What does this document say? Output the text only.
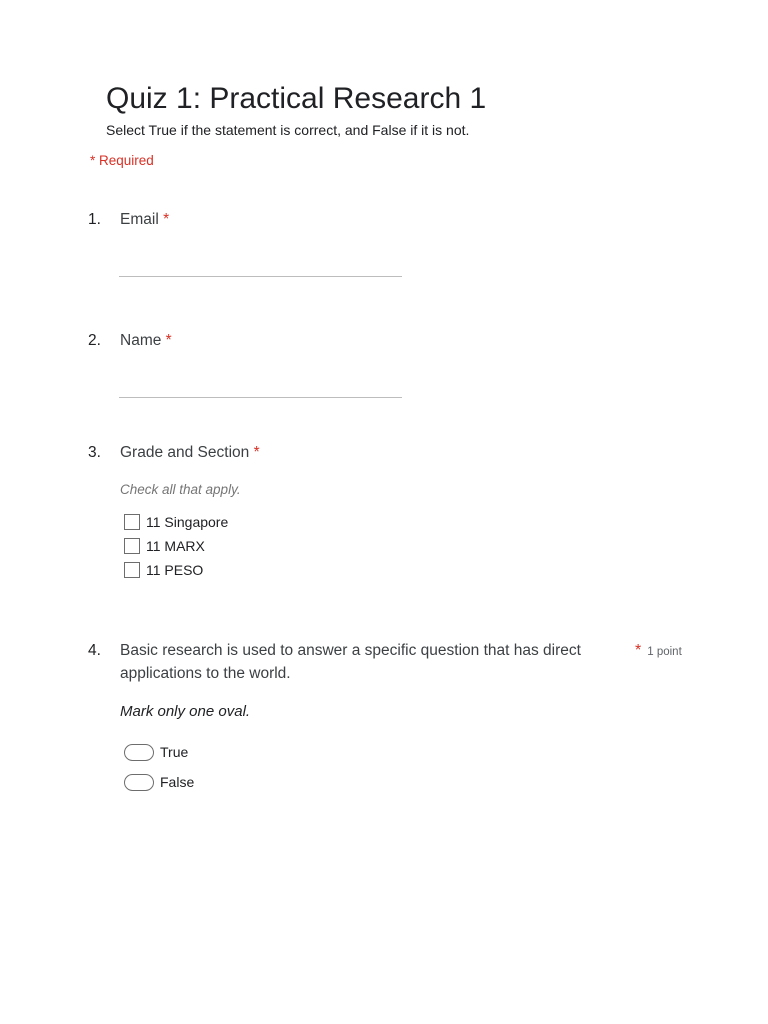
Quiz 1: Practical Research 1
Select True if the statement is correct, and False if it is not.
* Required
1. Email *
2. Name *
3. Grade and Section *
Check all that apply.
11 Singapore
11 MARX
11 PESO
4. Basic research is used to answer a specific question that has direct
applications to the world.
* 1 point
Mark only one oval.
True
False
